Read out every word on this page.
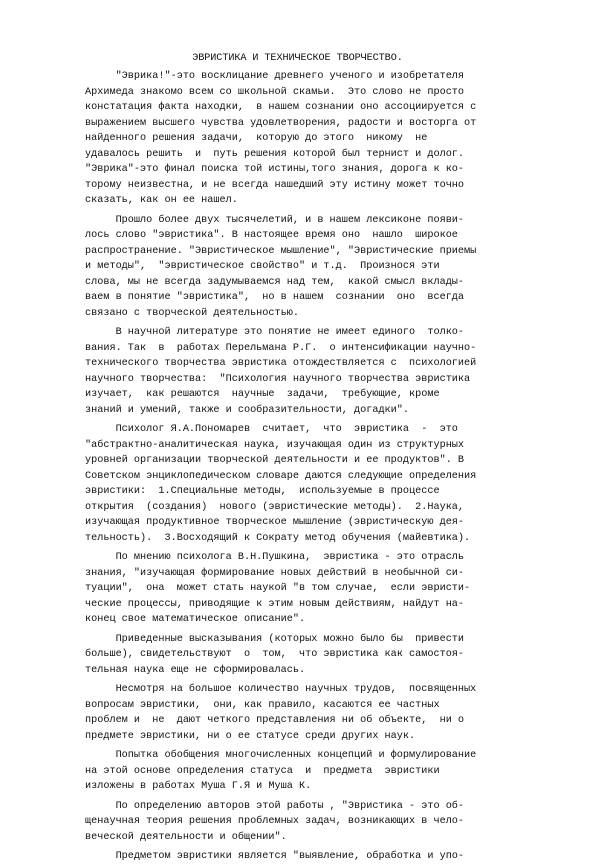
ЭВРИСТИКА И ТЕХНИЧЕСКОЕ ТВОРЧЕСТВО.
"Эврика!"-это восклицание древнего ученого и изобретателя
Архимеда знакомо всем со школьной скамьи.  Это слово не просто
констатация факта находки,  в нашем сознании оно ассоциируется с
выражением высшего чувства удовлетворения, радости и восторга от
найденного решения задачи,  которую до этого  никому  не
удавалось решить  и  путь решения которой был тернист и долог.
"Эврика"-это финал поиска той истины,того знания, дорога к ко-
торому неизвестна, и не всегда нашедший эту истину может точно
сказать, как он ее нашел.
Прошло более двух тысячелетий, и в нашем лексиконе появи-
лось слово "эвристика". В настоящее время оно  нашло  широкое
распространение. "Эвристическое мышление", "Эвристические приемы
и методы",  "эвристическое свойство" и т.д.  Произнося эти
слова, мы не всегда задумываемся над тем,  какой смысл вклады-
ваем в понятие "эвристика",  но в нашем  сознании  оно  всегда
связано с творческой деятельностью.
В научной литературе это понятие не имеет единого  толко-
вания. Так  в  работах Перельмана Р.Г.  о интенсификации научно-
технического творчества эвристика отождествляется с  психологией
научного творчества:  "Психология научного творчества эвристика
изучает,  как решаются  научные  задачи,  требующие, кроме
знаний и умений, также и сообразительности, догадки".
Психолог Я.А.Пономарев  считает,  что  эвристика  -  это
"абстрактно-аналитическая наука, изучающая один из структурных
уровней организации творческой деятельности и ее продуктов". В
Советском энциклопедическом словаре даются следующие определения
эвристики:  1.Специальные методы,  используемые в процессе
открытия  (создания)  нового (эвристические методы).  2.Наука,
изучающая продуктивное творческое мышление (эвристическую дея-
тельность).  3.Восходящий к Сократу метод обучения (майевтика).
По мнению психолога В.Н.Пушкина,  эвристика - это отрасль
знания, "изучающая формирование новых действий в необычной си-
туации",  она  может стать наукой "в том случае,  если эвристи-
ческие процессы, приводящие к этим новым действиям, найдут на-
конец свое математическое описание".
Приведенные высказывания (которых можно было бы  привести
больше), свидетельствуют  о  том,  что эвристика как самостоя-
тельная наука еще не сформировалась.
Несмотря на большое количество научных трудов,  посвященных
вопросам эвристики,  они, как правило, касаются ее частных
проблем и  не  дают четкого представления ни об объекте,  ни о
предмете эвристики, ни о ее статусе среди других наук.
Попытка обобщения многочисленных концепций и формулирование
на этой основе определения статуса  и  предмета  эвристики
изложены в работах Муша Г.Я и Муша К.
По определению авторов этой работы , "Эвристика - это об-
щенаучная теория решения проблемных задач, возникающих в чело-
веческой деятельности и общении".
Предметом эвристики является "выявление, обработка и упо-
